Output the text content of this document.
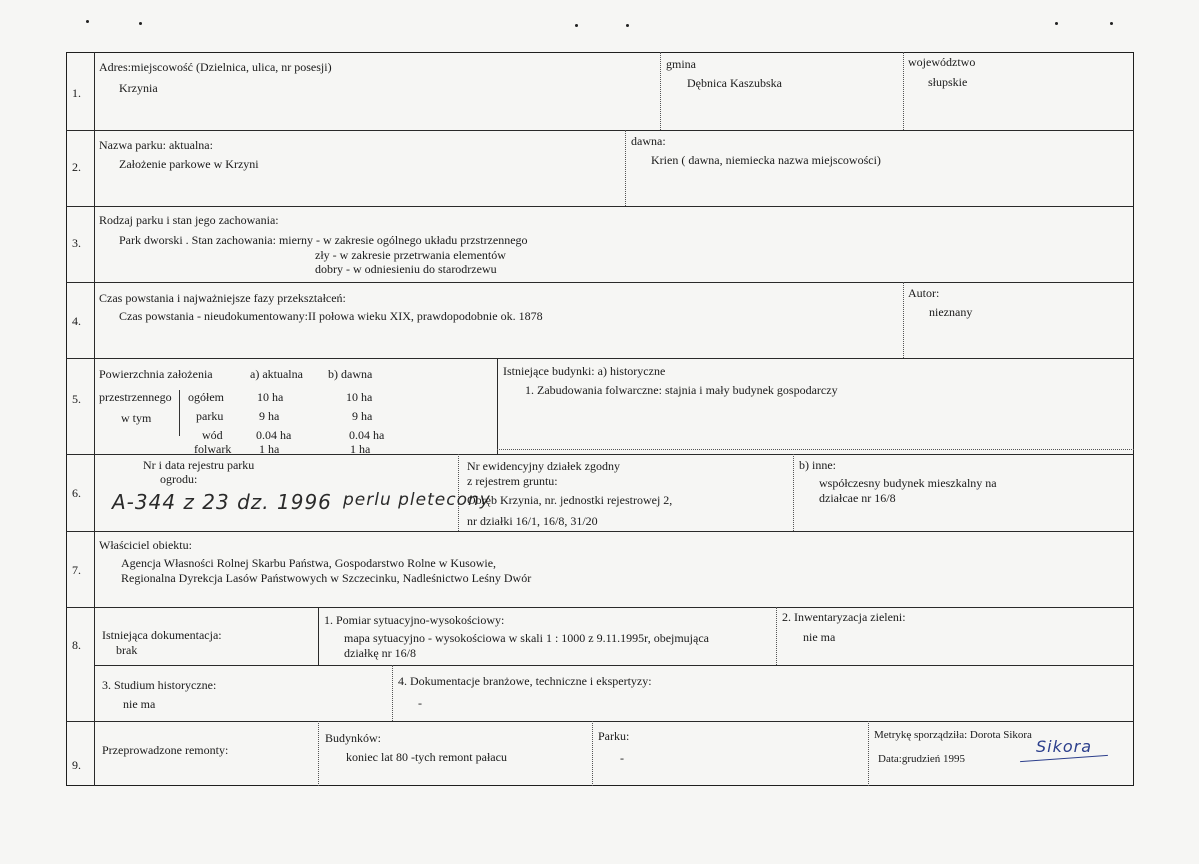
1.
Adres:miejscowość (Dzielnica, ulica, nr posesji)
Krzynia
gmina
Dębnica Kaszubska
województwo
słupskie
2.
Nazwa parku: aktualna:
Założenie parkowe w Krzyni
dawna:
Krien ( dawna, niemiecka nazwa miejscowości)
3.
Rodzaj parku i stan jego zachowania:
Park dworski . Stan zachowania: mierny - w zakresie ogólnego układu przstrzennego
zły - w zakresie przetrwania elementów
dobry - w odniesieniu do starodrzewu
4.
Czas powstania i najważniejsze fazy przekształceń:
Czas powstania - nieudokumentowany:II połowa wieku XIX, prawdopodobnie ok. 1878
Autor:
nieznany
5.
Powierzchnia założenia	a) aktualna b) dawna
przestrzennego
w tym
ogółem	10 ha	10 ha
parku	9 ha	9 ha
wód	0.04 ha	0.04 ha
folwark 1 ha	1 ha
Istniejące budynki: a) historyczne
1. Zabudowania folwarczne: stajnia i mały budynek gospodarczy
6.
Nr i data rejestru parku
ogrodu:
A-344 z 23 dz. 1996 perlu pletecony
Nr ewidencyjny działek zgodny
z rejestrem gruntu:
Obręb Krzynia, nr. jednostki rejestrowej 2,
nr działki 16/1, 16/8, 31/20
b) inne:
współczesny budynek mieszkalny na
działcae nr 16/8
7.
Właściciel obiektu:
Agencja Własności Rolnej Skarbu Państwa, Gospodarstwo Rolne w Kusowie,
Regionalna Dyrekcja Lasów Państwowych w Szczecinku, Nadleśnictwo Leśny Dwór
8.
Istniejąca dokumentacja:
brak
1. Pomiar sytuacyjno-wysokościowy:
mapa sytuacyjno - wysokościowa w skali 1 : 1000 z 9.11.1995r, obejmująca
działkę nr 16/8
2. Inwentaryzacja zieleni:
nie ma
3. Studium historyczne:
nie ma
4. Dokumentacje branżowe, techniczne i ekspertyzy:
-
9.
Przeprowadzone remonty:
Budynków:
koniec lat 80 -tych remont pałacu
Parku:
-
Metrykę sporządziła: Dorota Sikora
Data:grudzień 1995
Sikora
